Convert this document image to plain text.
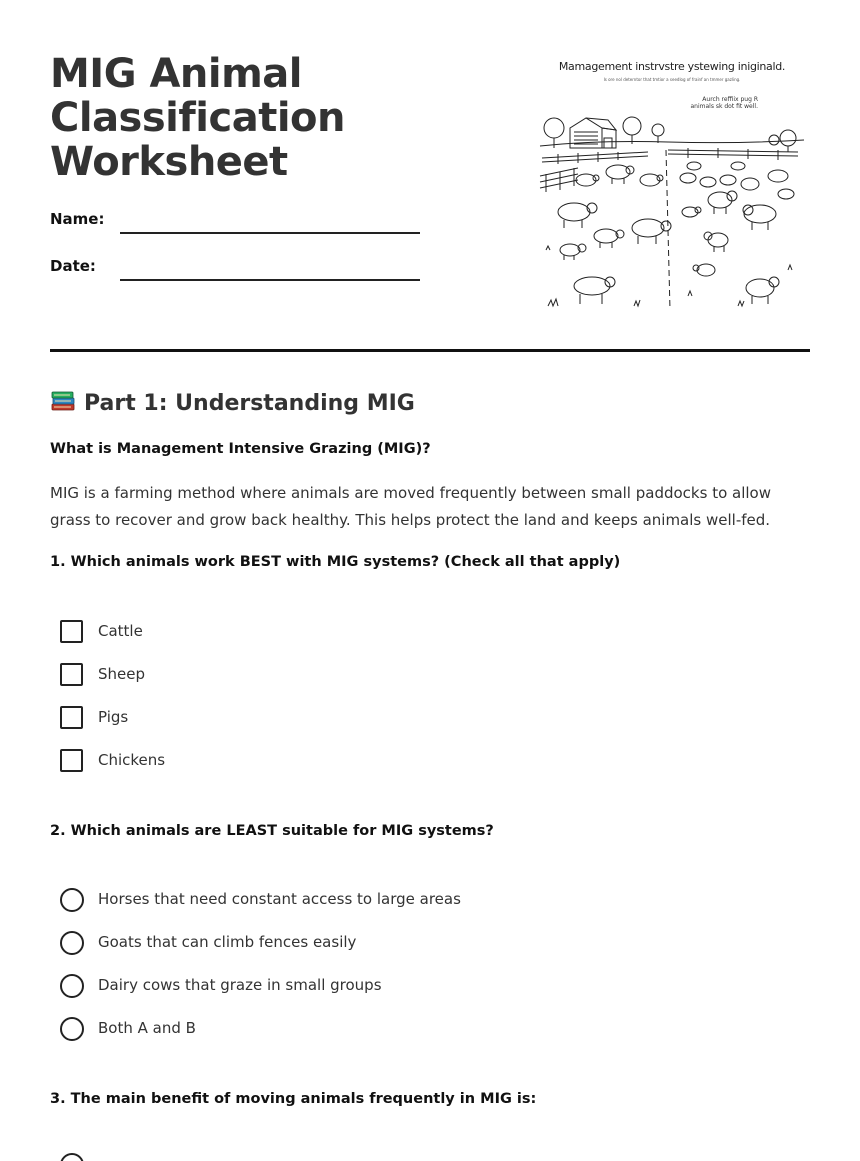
MIG Animal Classification Worksheet
Name:
Date:
Mamagement instrvstre ystewing iniginald.
Is ore nol deterntor that tmtior a seedlog of frainf an tmmer gazling.
Aurch reffiix pug R animals sk dot fit well.
Part 1: Understanding MIG
What is Management Intensive Grazing (MIG)?
MIG is a farming method where animals are moved frequently between small paddocks to allow grass to recover and grow back healthy. This helps protect the land and keeps animals well-fed.
1. Which animals work BEST with MIG systems? (Check all that apply)
Cattle
Sheep
Pigs
Chickens
2. Which animals are LEAST suitable for MIG systems?
Horses that need constant access to large areas
Goats that can climb fences easily
Dairy cows that graze in small groups
Both A and B
3. The main benefit of moving animals frequently in MIG is:
